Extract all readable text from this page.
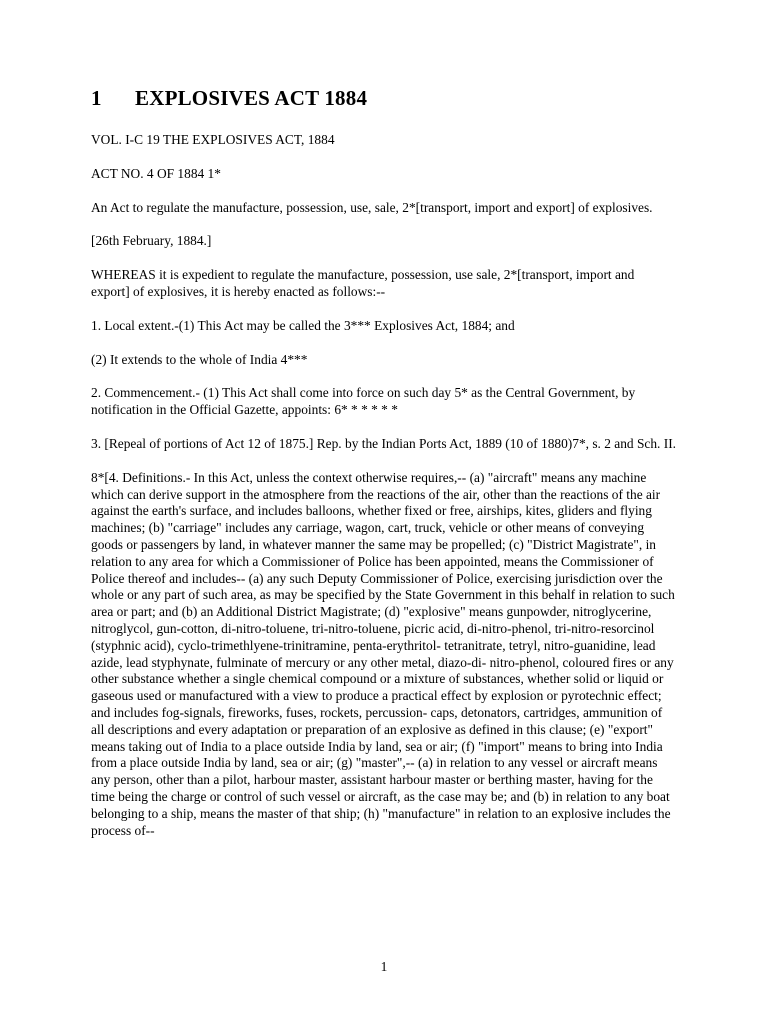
1 EXPLOSIVES ACT 1884

VOL. I-C 19 THE EXPLOSIVES ACT, 1884

ACT NO. 4 OF 1884 1*

An Act to regulate the manufacture, possession, use, sale, 2*[transport, import and export] of explosives.

[26th February, 1884.]

WHEREAS it is expedient to regulate the manufacture, possession, use sale, 2*[transport, import and export] of explosives, it is hereby enacted as follows:--

1. Local extent.-(1) This Act may be called the 3*** Explosives Act, 1884; and

(2) It extends to the whole of India 4***

2. Commencement.- (1) This Act shall come into force on such day 5* as the Central Government, by notification in the Official Gazette, appoints: 6* * * * * *

3. [Repeal of portions of Act 12 of 1875.] Rep. by the Indian Ports Act, 1889 (10 of 1880)7*, s. 2 and Sch. II.

8*[4. Definitions.- In this Act, unless the context otherwise requires,-- (a) "aircraft" means any machine which can derive support in the atmosphere from the reactions of the air, other than the reactions of the air against the earth's surface, and includes balloons, whether fixed or free, airships, kites, gliders and flying machines; (b) "carriage" includes any carriage, wagon, cart, truck, vehicle or other means of conveying goods or passengers by land, in whatever manner the same may be propelled; (c) "District Magistrate", in relation to any area for which a Commissioner of Police has been appointed, means the Commissioner of Police thereof and includes-- (a) any such Deputy Commissioner of Police, exercising jurisdiction over the whole or any part of such area, as may be specified by the State Government in this behalf in relation to such area or part; and (b) an Additional District Magistrate; (d) "explosive" means gunpowder, nitroglycerine, nitroglycol, gun-cotton, di-nitro-toluene, tri-nitro-toluene, picric acid, di-nitro-phenol, tri-nitro-resorcinol (styphnic acid), cyclo-trimethlyene-trinitramine, penta-erythritol- tetranitrate, tetryl, nitro-guanidine, lead azide, lead styphynate, fulminate of mercury or any other metal, diazo-di- nitro-phenol, coloured fires or any other substance whether a single chemical compound or a mixture of substances, whether solid or liquid or gaseous used or manufactured with a view to produce a practical effect by explosion or pyrotechnic effect; and includes fog-signals, fireworks, fuses, rockets, percussion- caps, detonators, cartridges, ammunition of all descriptions and every adaptation or preparation of an explosive as defined in this clause; (e) "export" means taking out of India to a place outside India by land, sea or air; (f) "import" means to bring into India from a place outside India by land, sea or air; (g) "master",-- (a) in relation to any vessel or aircraft means any person, other than a pilot, harbour master, assistant harbour master or berthing master, having for the time being the charge or control of such vessel or aircraft, as the case may be; and (b) in relation to any boat belonging to a ship, means the master of that ship; (h) "manufacture" in relation to an explosive includes the process of--

1
